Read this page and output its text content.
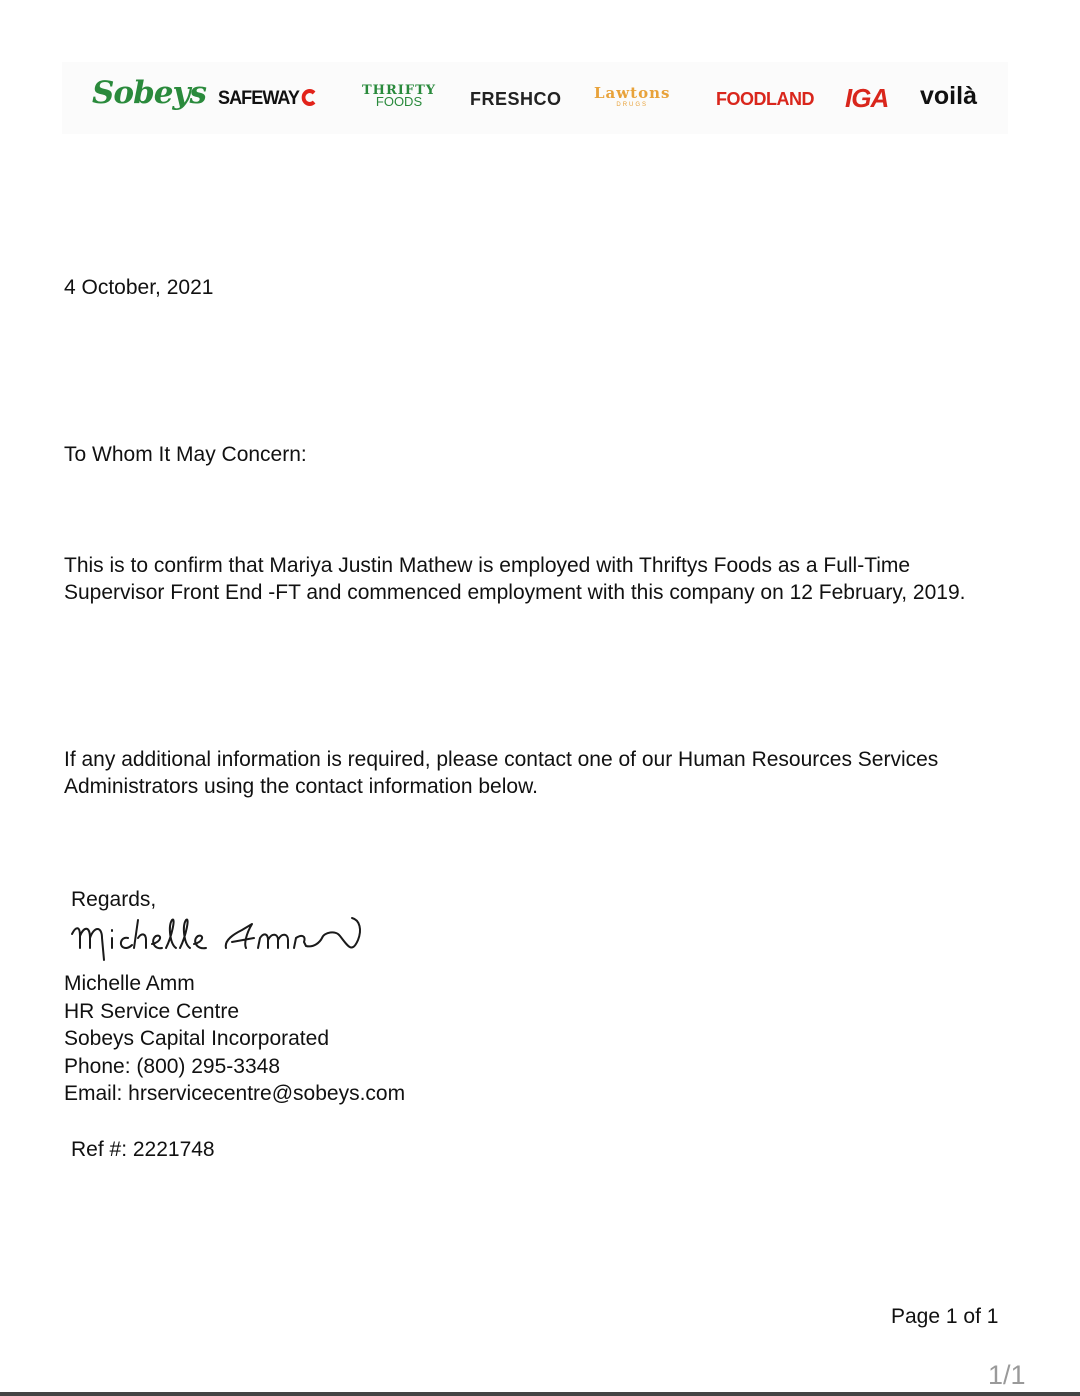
Sobeys SAFEWAY	THRIFTY
FOODS	FRESHCO Lawtons
DRUGS	FOODLAND IGA voilà
4 October, 2021
To Whom It May Concern:
This is to confirm that Mariya Justin Mathew is employed with Thriftys Foods as a Full-Time Supervisor Front End -FT and commenced employment with this company on 12 February, 2019.
If any additional information is required, please contact one of our Human Resources Services Administrators using the contact information below.
Regards,
Michelle Amm
HR Service Centre
Sobeys Capital Incorporated
Phone: (800) 295-3348
Email: hrservicecentre@sobeys.com
Ref #: 2221748
Page 1 of 1
1/1
